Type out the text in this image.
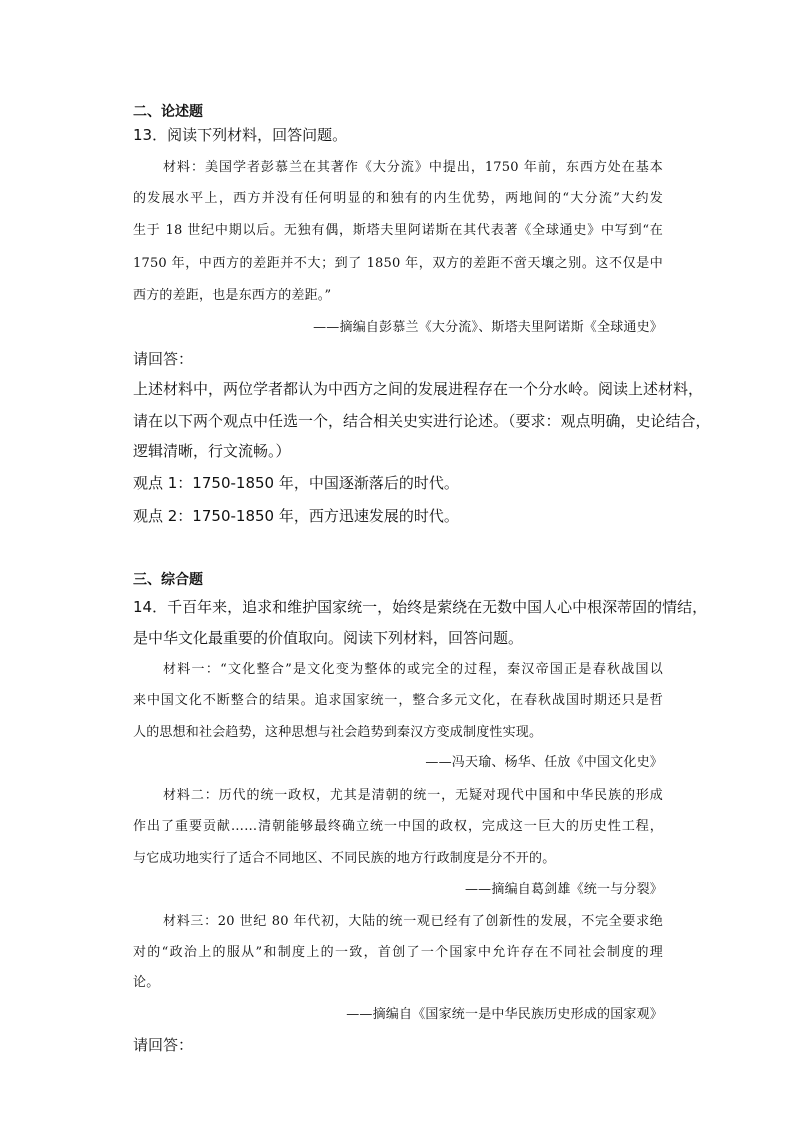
二、论述题
13．阅读下列材料，回答问题。
材料：美国学者彭慕兰在其著作《大分流》中提出，1750 年前，东西方处在基本
的发展水平上，西方并没有任何明显的和独有的内生优势，两地间的“大分流”大约发
生于 18 世纪中期以后。无独有偶，斯塔夫里阿诺斯在其代表著《全球通史》中写到“在
1750 年，中西方的差距并不大；到了 1850 年，双方的差距不啻天壤之别。这不仅是中
西方的差距，也是东西方的差距。”
——摘编自彭慕兰《大分流》、斯塔夫里阿诺斯《全球通史》
请回答：
上述材料中，两位学者都认为中西方之间的发展进程存在一个分水岭。阅读上述材料，
请在以下两个观点中任选一个，结合相关史实进行论述。（要求：观点明确，史论结合，
逻辑清晰，行文流畅。）
观点 1：1750-1850 年，中国逐渐落后的时代。
观点 2：1750-1850 年，西方迅速发展的时代。
三、综合题
14．千百年来，追求和维护国家统一，始终是萦绕在无数中国人心中根深蒂固的情结，
是中华文化最重要的价值取向。阅读下列材料，回答问题。
材料一：“文化整合”是文化变为整体的或完全的过程，秦汉帝国正是春秋战国以
来中国文化不断整合的结果。追求国家统一，整合多元文化，在春秋战国时期还只是哲
人的思想和社会趋势，这种思想与社会趋势到秦汉方变成制度性实现。
——冯天瑜、杨华、任放《中国文化史》
材料二：历代的统一政权，尤其是清朝的统一，无疑对现代中国和中华民族的形成
作出了重要贡献……清朝能够最终确立统一中国的政权，完成这一巨大的历史性工程，
与它成功地实行了适合不同地区、不同民族的地方行政制度是分不开的。
——摘编自葛剑雄《统一与分裂》
材料三：20 世纪 80 年代初，大陆的统一观已经有了创新性的发展，不完全要求绝
对的“政治上的服从”和制度上的一致，首创了一个国家中允许存在不同社会制度的理
论。
——摘编自《国家统一是中华民族历史形成的国家观》
请回答：
